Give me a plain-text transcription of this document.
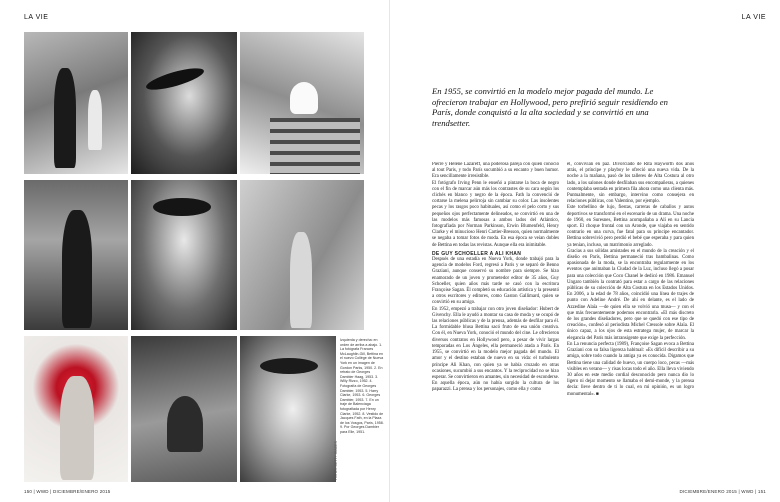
LA VIE
Izquierda y derecha: en orden de arriba a abajo. 1. La fotógrafa Frances McLaughlin-Gill, Bettina en el nuevo Collège de Nueva York en un imagen de Gordon Parks, 1950. 2. En retrato de Georges Dambier Haag, 1953. 3. Willy Rizzo, 1952. 4. Fotografía de Georges Dambier, 1953. 5. Harry Clarke, 1953. 6. Georges Dambier, 1953. 7. En un traje de Balenciaga fotografiada por Henry Clarke, 1952. 8. Vestido de Jacques Fath, en la Plaza de los Vosgos, París, 1958. 9. Por Georges Dambier para Elle, 1951.
FOTOS: GETTY IMAGES
150 | WWD | DICIEMBRE/ENERO 2015
LA VIE
DICIEMBRE/ENERO 2015 | WWD | 151
En 1955, se convirtió en la modelo mejor pagada del mundo. Le ofrecieron trabajar en Hollywood, pero prefirió seguir residiendo en París, donde conquistó a la alta sociedad y se convirtió en una trendsetter.

Pierre y Hélène Lazareff, una poderosa pareja con quien conoció al tout Paris, y todo París sucumbió a su encanto y buen humor. Era sencillamente irresistible.

El fotógrafo Irving Penn le enseñó a pintarse la boca de negro con el fin de marcar aún más los contrastes de su cara según los clichés en blanco y negro de la época. Fath la convenció de cortarse la melena pelirroja sin cambiar su color. Las insolentes pecas y los rasgos poco habituales, así como el pelo corto y sus pequeños ojos perfectamente delineados, se convirtió en una de las modelos más famosas a ambos lados del Atlántico, fotografiada por Norman Parkinson, Erwin Blumenfeld, Henry Clarke y el minucioso Henri Cartier-Bresson, quien normalmente se negaba a tomar fotos de moda. En esa época se veían dobles de Bettina en todas las revistas. Aunque ella era inimitable.

DE GUY SCHOELLER A ALI KHAN

Después de una estadía en Nueva York, donde trabajó para la agencia de modelos Ford, regresó a París y se separó de Benno Graziani, aunque conservó su nombre para siempre. Se hizo enamorado de un joven y prometedor editor de 35 años, Guy Schoeller, quien años más tarde se casó con la escritora Françoise Sagan. Él completó su educación artística y la presentó a otros escritores y editores, como Gaston Gallimard, quien se convirtió en su amigo.

En 1952, empezó a trabajar con otro joven diseñador: Hubert de Givenchy. Ella le ayudó a montar su casa de moda y se ocupó de las relaciones públicas y de la prensa, además de desfilar para él. La formidable blusa Bettina sacó fruto de esa unión creativa. Con él, en Nueva York, conoció el mundo del cine. Le ofrecieron diversos contratos en Hollywood pero, a pesar de vivir largas temporadas en Los Ángeles, ella permaneció atada a París. En 1955, se convirtió en la modelo mejor pagada del mundo. El amor y el destino estaban de nuevo en su vida: el turbulento príncipe Ali Khan, con quien ya se había cruzado en otras ocasiones, sucumbió a sus encantos. Y la reciprocidad no se hizo esperar. Se convirtieron en amantes, sin necesidad de esconderse. En aquella época, aún no había surgido la cultura de los paparazzi. La prensa y los personajes, como ella y como

él, convivían en paz. Divorciado de Rita Hayworth dos años atrás, el príncipe y playboy le ofreció una nueva vida. De la noche a la mañana, pasó de los talleres de Alta Costura al otro lado, a los salones donde desfilaban sus encompañeras, a quienes contemplaba sentada en primera fila ahora como una clienta más. Puntualmente, sin embargo, intervino como consejera en relaciones públicas, con Valentino, por ejemplo.

Este torbellino de lujo, fiestas, carreras de caballos y autos deportivos se transformó en el escenario de un drama. Una noche de 1960, en Suresnes, Bettina acompañaba a Alí en su Lancia sport. El choque frontal con un Aronde, que viajaba en sentido contrario en una curva, fue fatal para su príncipe encantador. Bettina sobrevivió pero perdió el bebé que esperaba y para quien ya tenían, incluso, un matrimonio arreglado.

Gracias a sus sólidas amistades en el mundo de la creación y el diseño en París, Bettina permaneció tras bambalinas. Como apasionada de la moda, se la encontraba regularmente en los eventos que animaban la Ciudad de la Luz, incluso llegó a posar para una colección que Coco Chanel le dedicó en 1986. Emanuel Ungaro también la contrató para estar a cargo de las relaciones públicas de su colección de Alta Costura en los Estados Unidos. En 2006, a la edad de 78 años, coincidió una línea de trajes de punto con Adeline André. De ahí en delante, es el lado de Azzedine Alaïa —de quien ella se volvió una musa— y con el que más frecuentemente podemos encontrarla. «El más discreto de los grandes diseñadores, pero que se quedó con ese tipo de creación», confesó al periodista Michel Cressole sobre Alaïa. El único capaz, a los ojos de esta estratega mujer, de marcar la elegancia del París más intransigente que exige la perfección.

En La renuncia perfecta (1989), Françoise Sagan evoca a Bettina Graziani con su falsa ligereza habitual: «Es difícil describir a su amiga, sobre todo cuando la amiga ya es conocida. Digamos que Bettina tiene una calidad de huevo, un cuerpo loco, pecas —más visibles en verano— y risas locas todo el año. Ella lleva viviendo 30 años en este medio cordial desconocido pero nunca dio lo ligero ni dejar momento se llamaba el demi-monde, y la prensa decía: lleve dentro de ti lo cual, en mi opinión, es un logro monumental». ■
